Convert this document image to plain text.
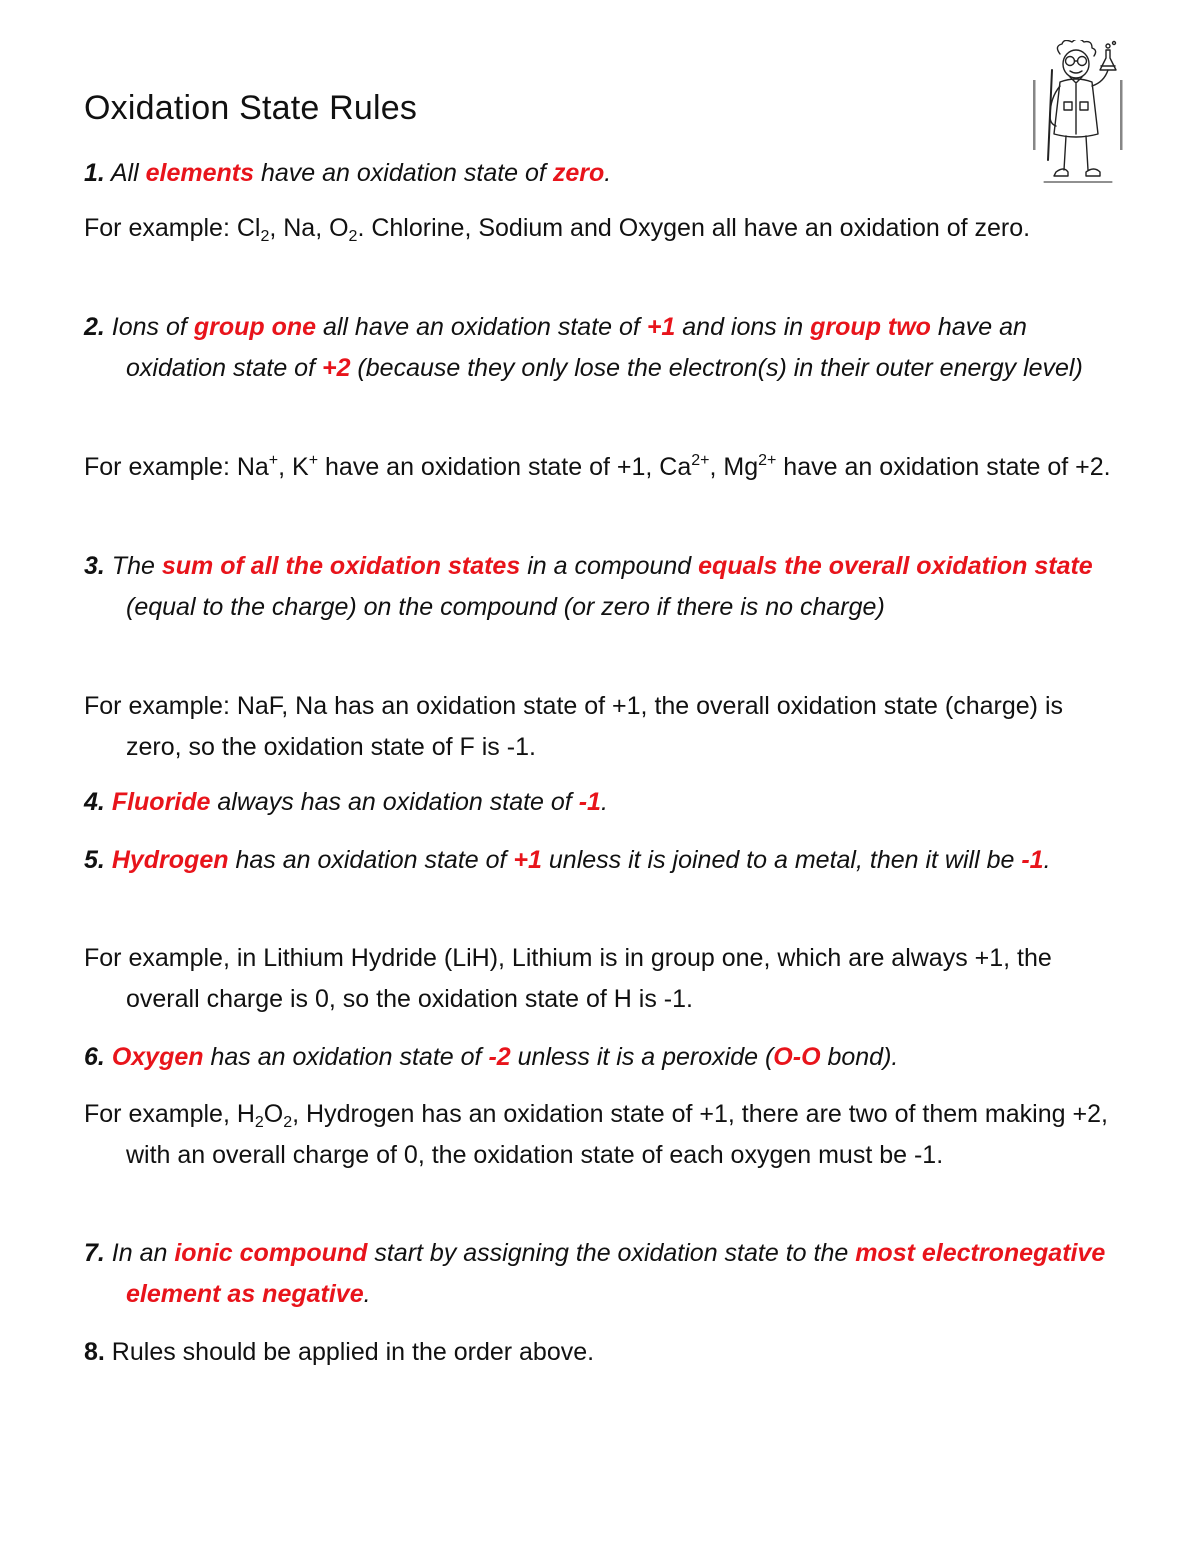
Oxidation State Rules

1. All elements have an oxidation state of zero.

For example: $Cl_2$, Na, $O_2$. Chlorine, Sodium and Oxygen all have an oxidation of zero.

2. Ions of group one all have an oxidation state of +1 and ions in group two have an oxidation state of +2 (because they only lose the electron(s) in their outer energy level)

For example: Na+, K+ have an oxidation state of +1, $Ca^{2+}$, $Mg^{2+}$ have an oxidation state of +2.

3. The sum of all the oxidation states in a compound equals the overall oxidation state (equal to the charge) on the compound (or zero if there is no charge)

For example: NaF, Na has an oxidation state of +1, the overall oxidation state (charge) is zero, so the oxidation state of F is -1.

4. Fluoride always has an oxidation state of -1.

5. Hydrogen has an oxidation state of +1 unless it is joined to a metal, then it will be -1.

For example, in Lithium Hydride (LiH), Lithium is in group one, which are always +1, the overall charge is 0, so the oxidation state of H is -1.

6. Oxygen has an oxidation state of -2 unless it is a peroxide (O-O bond).

For example, $H_2O_2$, Hydrogen has an oxidation state of +1, there are two of them making +2, with an overall charge of 0, the oxidation state of each oxygen must be -1.

7. In an ionic compound start by assigning the oxidation state to the most electronegative element as negative.

8. Rules should be applied in the order above.
